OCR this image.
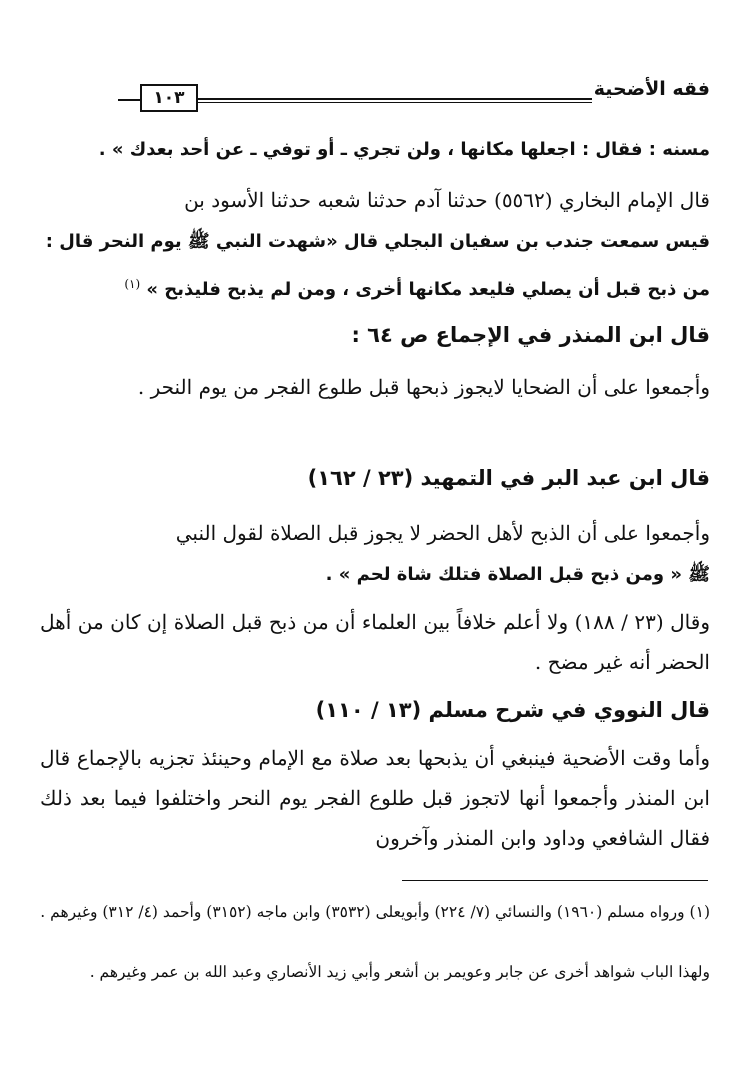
فقه الأضحية
١٠٣
مسنه : فقال : اجعلها مكانها ، ولن تجري ـ أو توفي ـ عن أحد بعدك » .
قال الإمام البخاري (٥٥٦٢) حدثنا آدم حدثنا شعبه حدثنا الأسود بن
قيس سمعت جندب بن سفيان البجلي قال «شهدت النبي ﷺ يوم النحر قال :
من ذبح قبل أن يصلي فليعد مكانها أخرى ، ومن لم يذبح فليذبح » $^{(١)}$
قال ابن المنذر في الإجماع ص ٦٤ :
وأجمعوا على أن الضحايا لايجوز ذبحها قبل طلوع الفجر من يوم النحر .
قال ابن عبد البر في التمهيد (٢٣ / ١٦٢)
وأجمعوا على أن الذبح لأهل الحضر لا يجوز قبل الصلاة لقول النبي
ﷺ « ومن ذبح قبل الصلاة فتلك شاة لحم » .
وقال (٢٣ / ١٨٨) ولا أعلم خلافاً بين العلماء أن من ذبح قبل الصلاة إن كان من أهل الحضر أنه غير مضح .
قال النووي في شرح مسلم (١٣ / ١١٠)
وأما وقت الأضحية فينبغي أن يذبحها بعد صلاة مع الإمام وحينئذ تجزيه بالإجماع قال ابن المنذر وأجمعوا أنها لاتجوز قبل طلوع الفجر يوم النحر واختلفوا فيما بعد ذلك فقال الشافعي وداود وابن المنذر وآخرون
(١) ورواه مسلم (١٩٦٠) والنسائي (٧/ ٢٢٤) وأبويعلى (٣٥٣٢) وابن ماجه (٣١٥٢) وأحمد (٤/ ٣١٢) وغيرهم .
ولهذا الباب شواهد أخرى عن جابر وعويمر بن أشعر وأبي زيد الأنصاري وعبد الله بن عمر وغيرهم .
